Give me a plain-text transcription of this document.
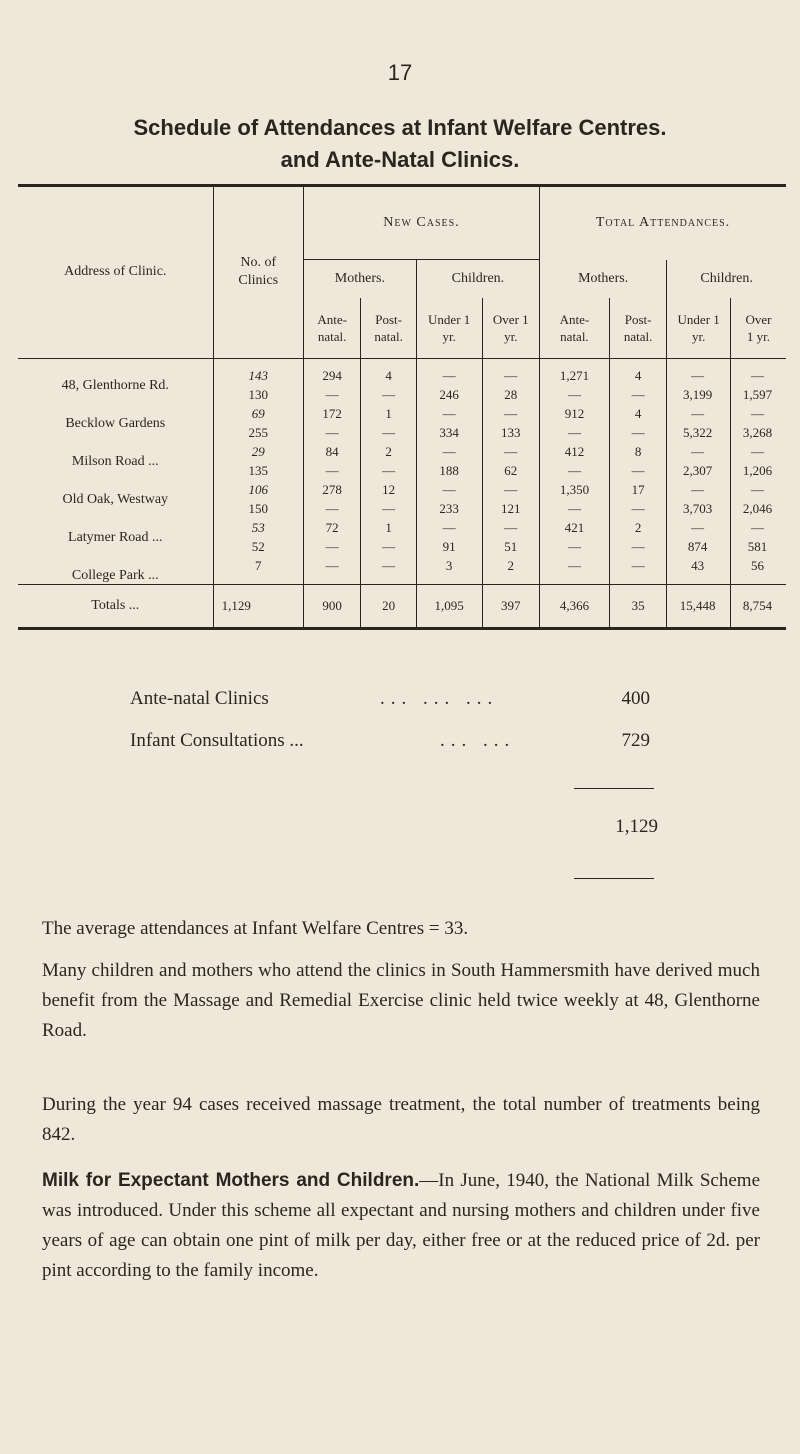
17
Schedule of Attendances at Infant Welfare Centres.
and Ante-Natal Clinics.
Address of Clinic.	No. of Clinics	New Cases.				Total Attendances.			
		Mothers.		Children.		Mothers.		Children.	
		Ante-natal.	Post-natal.	Under 1 yr.	Over 1 yr.	Ante-natal.	Post-natal.	Under 1 yr.	Over 1 yr.

48, Glenthorne Rd.	143	294	4	—	—	1,271	4	—	—
	130	—	—	246	28	—	—	3,199	1,597
Becklow Gardens	69	172	1	—	—	912	4	—	—
	255	—	—	334	133	—	—	5,322	3,268
Milson Road ...	29	84	2	—	—	412	8	—	—
	135	—	—	188	62	—	—	2,307	1,206
Old Oak, Westway	106	278	12	—	—	1,350	17	—	—
	150	—	—	233	121	—	—	3,703	2,046
Latymer Road ...	53	72	1	—	—	421	2	—	—
	52	—	—	91	51	—	—	874	581
College Park ...	7	—	—	3	2	—	—	43	56

Totals ...	1,129	900	20	1,095	397	4,366	35	15,448	8,754
Ante-natal Clinics	... ... ...	400
Infant Consultations ...	... ...	729
1,129
The average attendances at Infant Welfare Centres = 33.
Many children and mothers who attend the clinics in South Hammersmith have derived much benefit from the Massage and Remedial Exercise clinic held twice weekly at 48, Glenthorne Road.
During the year 94 cases received massage treatment, the total number of treatments being 842.
Milk for Expectant Mothers and Children.—In June, 1940, the National Milk Scheme was introduced. Under this scheme all expectant and nursing mothers and children under five years of age can obtain one pint of milk per day, either free or at the reduced price of 2d. per pint according to the family income.
